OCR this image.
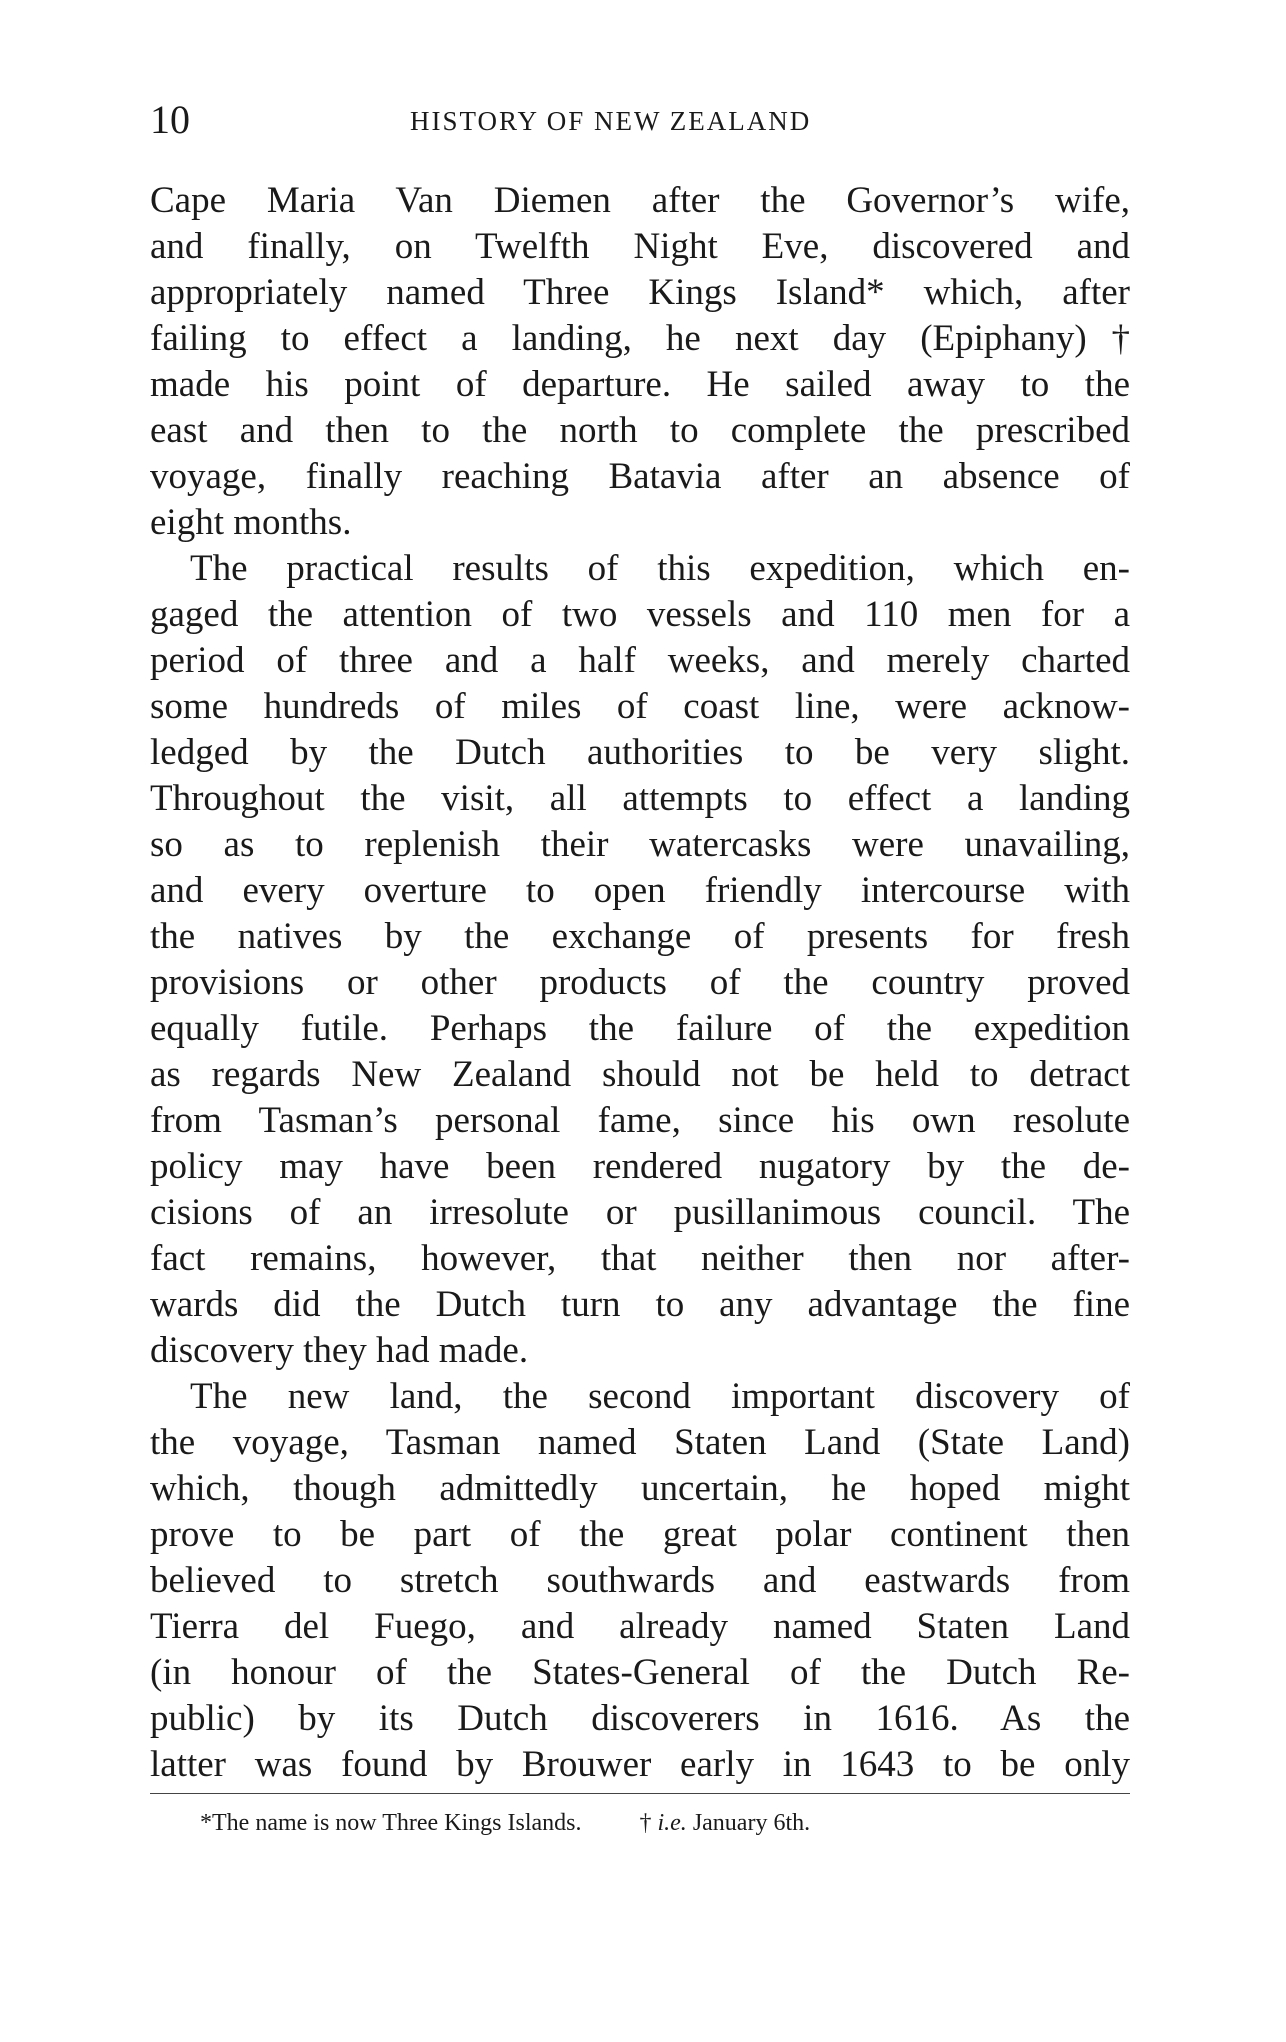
10	HISTORY OF NEW ZEALAND
Cape Maria Van Diemen after the Governor’s wife,
and finally, on Twelfth Night Eve, discovered and
appropriately named Three Kings Island* which, after
failing to effect a landing, he next day (Epiphany)†
made his point of departure. He sailed away to the
east and then to the north to complete the prescribed
voyage, finally reaching Batavia after an absence of
eight months.
The practical results of this expedition, which en-
gaged the attention of two vessels and 110 men for a
period of three and a half weeks, and merely charted
some hundreds of miles of coast line, were acknow-
ledged by the Dutch authorities to be very slight.
Throughout the visit, all attempts to effect a landing
so as to replenish their watercasks were unavailing,
and every overture to open friendly intercourse with
the natives by the exchange of presents for fresh
provisions or other products of the country proved
equally futile. Perhaps the failure of the expedition
as regards New Zealand should not be held to detract
from Tasman’s personal fame, since his own resolute
policy may have been rendered nugatory by the de-
cisions of an irresolute or pusillanimous council. The
fact remains, however, that neither then nor after-
wards did the Dutch turn to any advantage the fine
discovery they had made.
The new land, the second important discovery of
the voyage, Tasman named Staten Land (State Land)
which, though admittedly uncertain, he hoped might
prove to be part of the great polar continent then
believed to stretch southwards and eastwards from
Tierra del Fuego, and already named Staten Land
(in honour of the States-General of the Dutch Re-
public) by its Dutch discoverers in 1616. As the
latter was found by Brouwer early in 1643 to be only
*The name is now Three Kings Islands. † i.e. January 6th.
